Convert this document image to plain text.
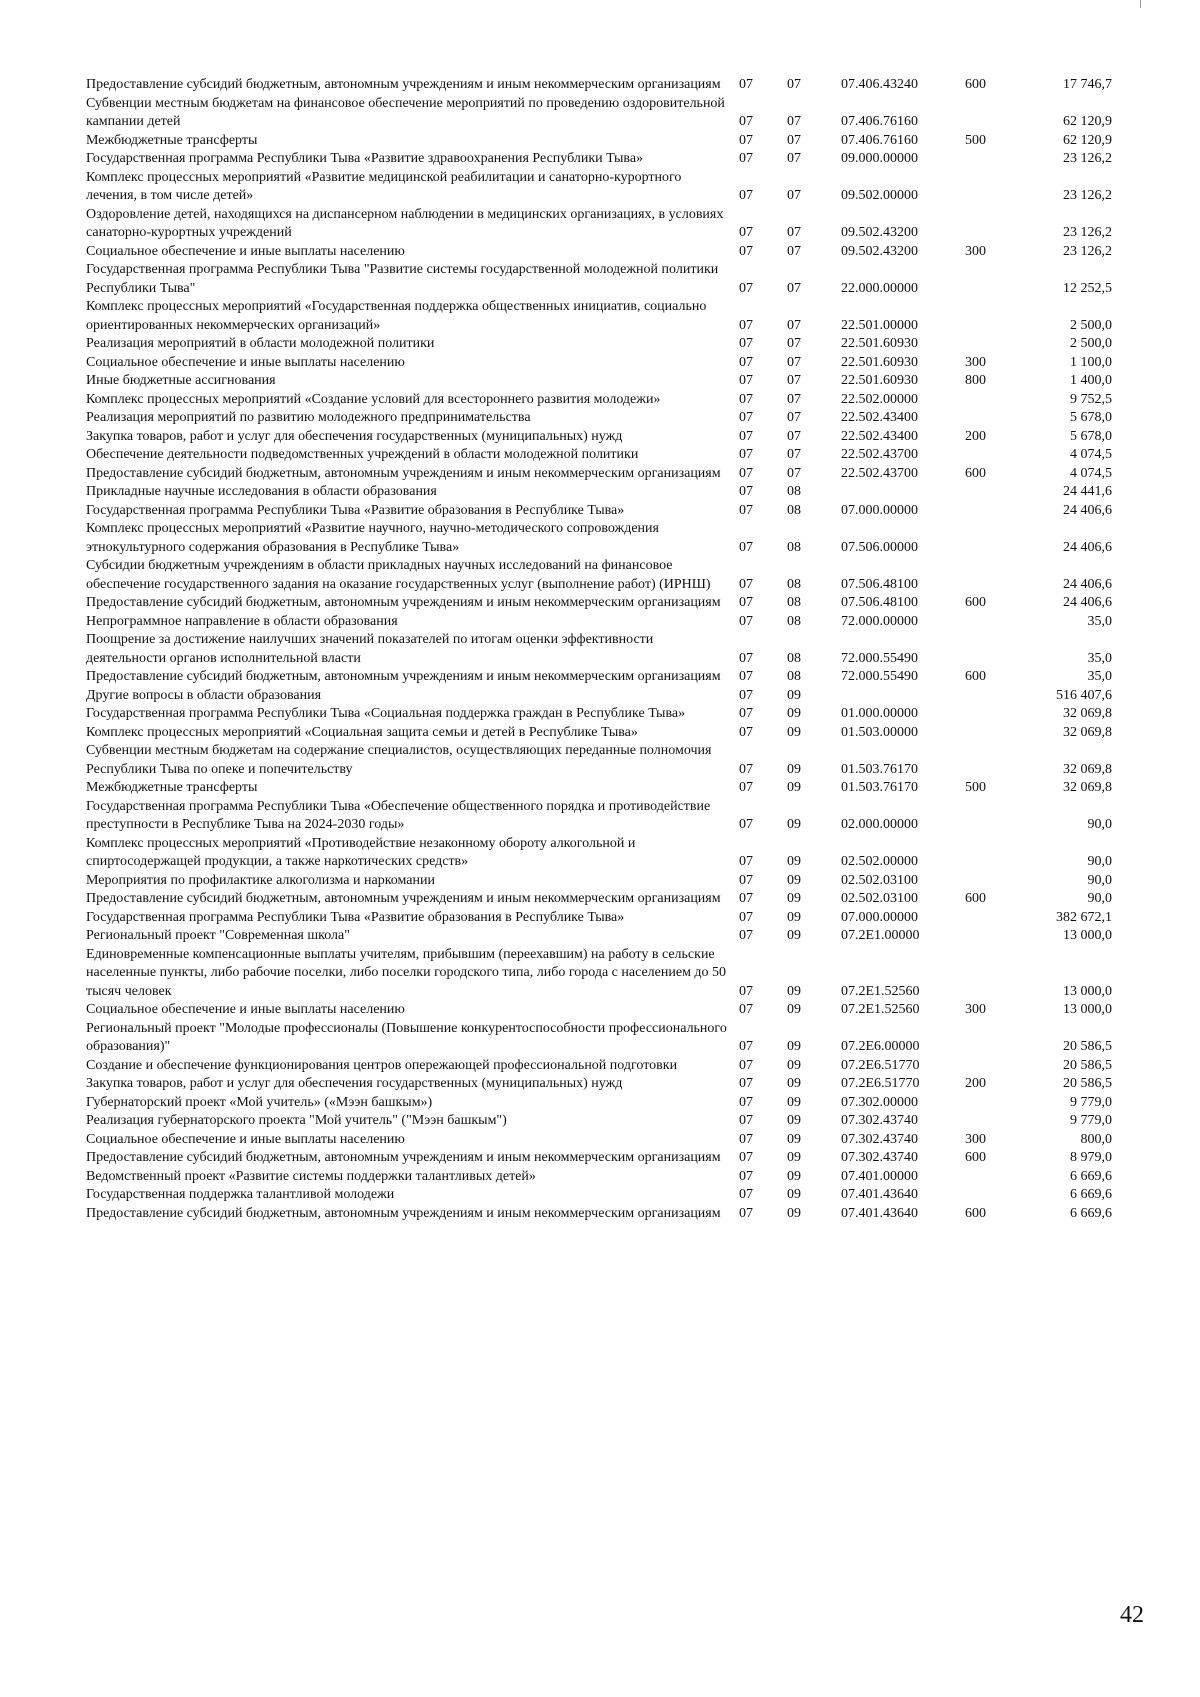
Предоставление субсидий бюджетным, автономным учреждениям и иным некоммерческим организациям	07	07	07.406.43240	600	17 746,7
Субвенции местным бюджетам на финансовое обеспечение мероприятий по проведению оздоровительной кампании детей	07	07	07.406.76160		62 120,9
Межбюджетные трансферты	07	07	07.406.76160	500	62 120,9
Государственная программа Республики Тыва «Развитие здравоохранения Республики Тыва»	07	07	09.000.00000		23 126,2
Комплекс процессных мероприятий «Развитие медицинской реабилитации и санаторно-курортного лечения, в том числе детей»	07	07	09.502.00000		23 126,2
Оздоровление детей, находящихся на диспансерном наблюдении в медицинских организациях, в условиях санаторно-курортных учреждений	07	07	09.502.43200		23 126,2
Социальное обеспечение и иные выплаты населению	07	07	09.502.43200	300	23 126,2
Государственная программа Республики Тыва "Развитие системы государственной молодежной политики Республики Тыва"	07	07	22.000.00000		12 252,5
Комплекс процессных мероприятий «Государственная поддержка общественных инициатив, социально ориентированных некоммерческих организаций»	07	07	22.501.00000		2 500,0
Реализация мероприятий в области молодежной политики	07	07	22.501.60930		2 500,0
Социальное обеспечение и иные выплаты населению	07	07	22.501.60930	300	1 100,0
Иные бюджетные ассигнования	07	07	22.501.60930	800	1 400,0
Комплекс процессных мероприятий «Создание условий для всестороннего развития молодежи»	07	07	22.502.00000		9 752,5
Реализация мероприятий по развитию молодежного предпринимательства	07	07	22.502.43400		5 678,0
Закупка товаров, работ и услуг для обеспечения государственных (муниципальных) нужд	07	07	22.502.43400	200	5 678,0
Обеспечение деятельности подведомственных учреждений в области молодежной политики	07	07	22.502.43700		4 074,5
Предоставление субсидий бюджетным, автономным учреждениям и иным некоммерческим организациям	07	07	22.502.43700	600	4 074,5
Прикладные научные исследования в области образования	07	08			24 441,6
Государственная программа Республики Тыва «Развитие образования в Республике Тыва»	07	08	07.000.00000		24 406,6
Комплекс процессных мероприятий «Развитие научного, научно-методического сопровождения этнокультурного содержания образования в Республике Тыва»	07	08	07.506.00000		24 406,6
Субсидии бюджетным учреждениям в области прикладных научных исследований на финансовое обеспечение государственного задания на оказание государственных услуг (выполнение работ) (ИРНШ)	07	08	07.506.48100		24 406,6
Предоставление субсидий бюджетным, автономным учреждениям и иным некоммерческим организациям	07	08	07.506.48100	600	24 406,6
Непрограммное направление в области образования	07	08	72.000.00000		35,0
Поощрение за достижение наилучших значений показателей по итогам оценки эффективности деятельности органов исполнительной власти	07	08	72.000.55490		35,0
Предоставление субсидий бюджетным, автономным учреждениям и иным некоммерческим организациям	07	08	72.000.55490	600	35,0
Другие вопросы в области образования	07	09			516 407,6
Государственная программа Республики Тыва «Социальная поддержка граждан в Республике Тыва»	07	09	01.000.00000		32 069,8
Комплекс процессных мероприятий «Социальная защита семьи и детей в Республике Тыва»	07	09	01.503.00000		32 069,8
Субвенции местным бюджетам на содержание специалистов, осуществляющих переданные полномочия Республики Тыва по опеке и попечительству	07	09	01.503.76170		32 069,8
Межбюджетные трансферты	07	09	01.503.76170	500	32 069,8
Государственная программа Республики Тыва «Обеспечение общественного порядка и противодействие преступности в Республике Тыва на 2024-2030 годы»	07	09	02.000.00000		90,0
Комплекс процессных мероприятий «Противодействие незаконному обороту алкогольной и спиртосодержащей продукции, а также наркотических средств»	07	09	02.502.00000		90,0
Мероприятия по профилактике алкоголизма и наркомании	07	09	02.502.03100		90,0
Предоставление субсидий бюджетным, автономным учреждениям и иным некоммерческим организациям	07	09	02.502.03100	600	90,0
Государственная программа Республики Тыва «Развитие образования в Республике Тыва»	07	09	07.000.00000		382 672,1
Региональный проект "Современная школа"	07	09	07.2Е1.00000		13 000,0
Единовременные компенсационные выплаты учителям, прибывшим (переехавшим) на работу в сельские населенные пункты, либо рабочие поселки, либо поселки городского типа, либо города с населением до 50 тысяч человек	07	09	07.2Е1.52560		13 000,0
Социальное обеспечение и иные выплаты населению	07	09	07.2Е1.52560	300	13 000,0
Региональный проект "Молодые профессионалы (Повышение конкурентоспособности профессионального образования)"	07	09	07.2Е6.00000		20 586,5
Создание и обеспечение функционирования центров опережающей профессиональной подготовки	07	09	07.2Е6.51770		20 586,5
Закупка товаров, работ и услуг для обеспечения государственных (муниципальных) нужд	07	09	07.2Е6.51770	200	20 586,5
Губернаторский проект «Мой учитель» («Мээн башкым»)	07	09	07.302.00000		9 779,0
Реализация губернаторского проекта "Мой учитель" ("Мээн башкым")	07	09	07.302.43740		9 779,0
Социальное обеспечение и иные выплаты населению	07	09	07.302.43740	300	800,0
Предоставление субсидий бюджетным, автономным учреждениям и иным некоммерческим организациям	07	09	07.302.43740	600	8 979,0
Ведомственный проект «Развитие системы поддержки талантливых детей»	07	09	07.401.00000		6 669,6
Государственная поддержка талантливой молодежи	07	09	07.401.43640		6 669,6
Предоставление субсидий бюджетным, автономным учреждениям и иным некоммерческим организациям	07	09	07.401.43640	600	6 669,6
42
